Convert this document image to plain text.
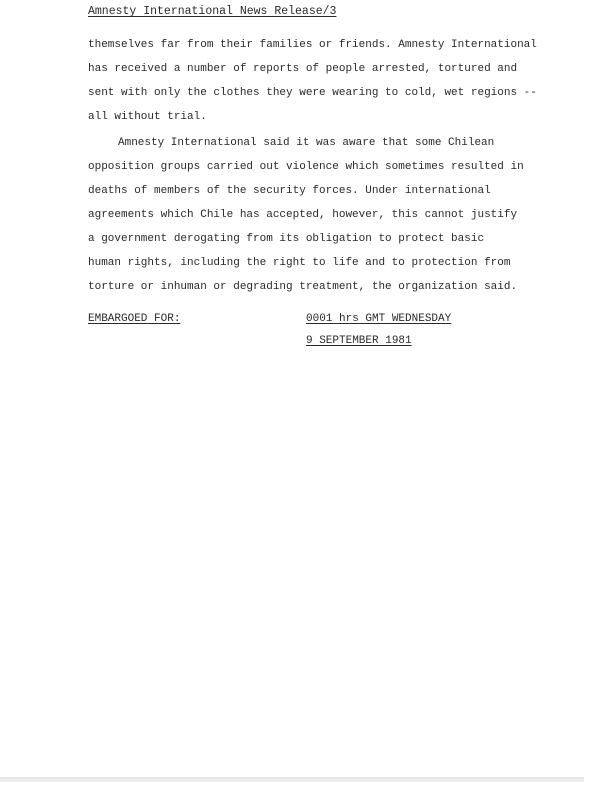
Amnesty International News Release/3
themselves far from their families or friends. Amnesty International
has received a number of reports of people arrested, tortured and
sent with only the clothes they were wearing to cold, wet regions --
all without trial.
Amnesty International said it was aware that some Chilean
opposition groups carried out violence which sometimes resulted in
deaths of members of the security forces. Under international
agreements which Chile has accepted, however, this cannot justify
a government derogating from its obligation to protect basic
human rights, including the right to life and to protection from
torture or inhuman or degrading treatment, the organization said.
EMBARGOED FOR:	0001 hrs GMT WEDNESDAY
9 SEPTEMBER 1981
